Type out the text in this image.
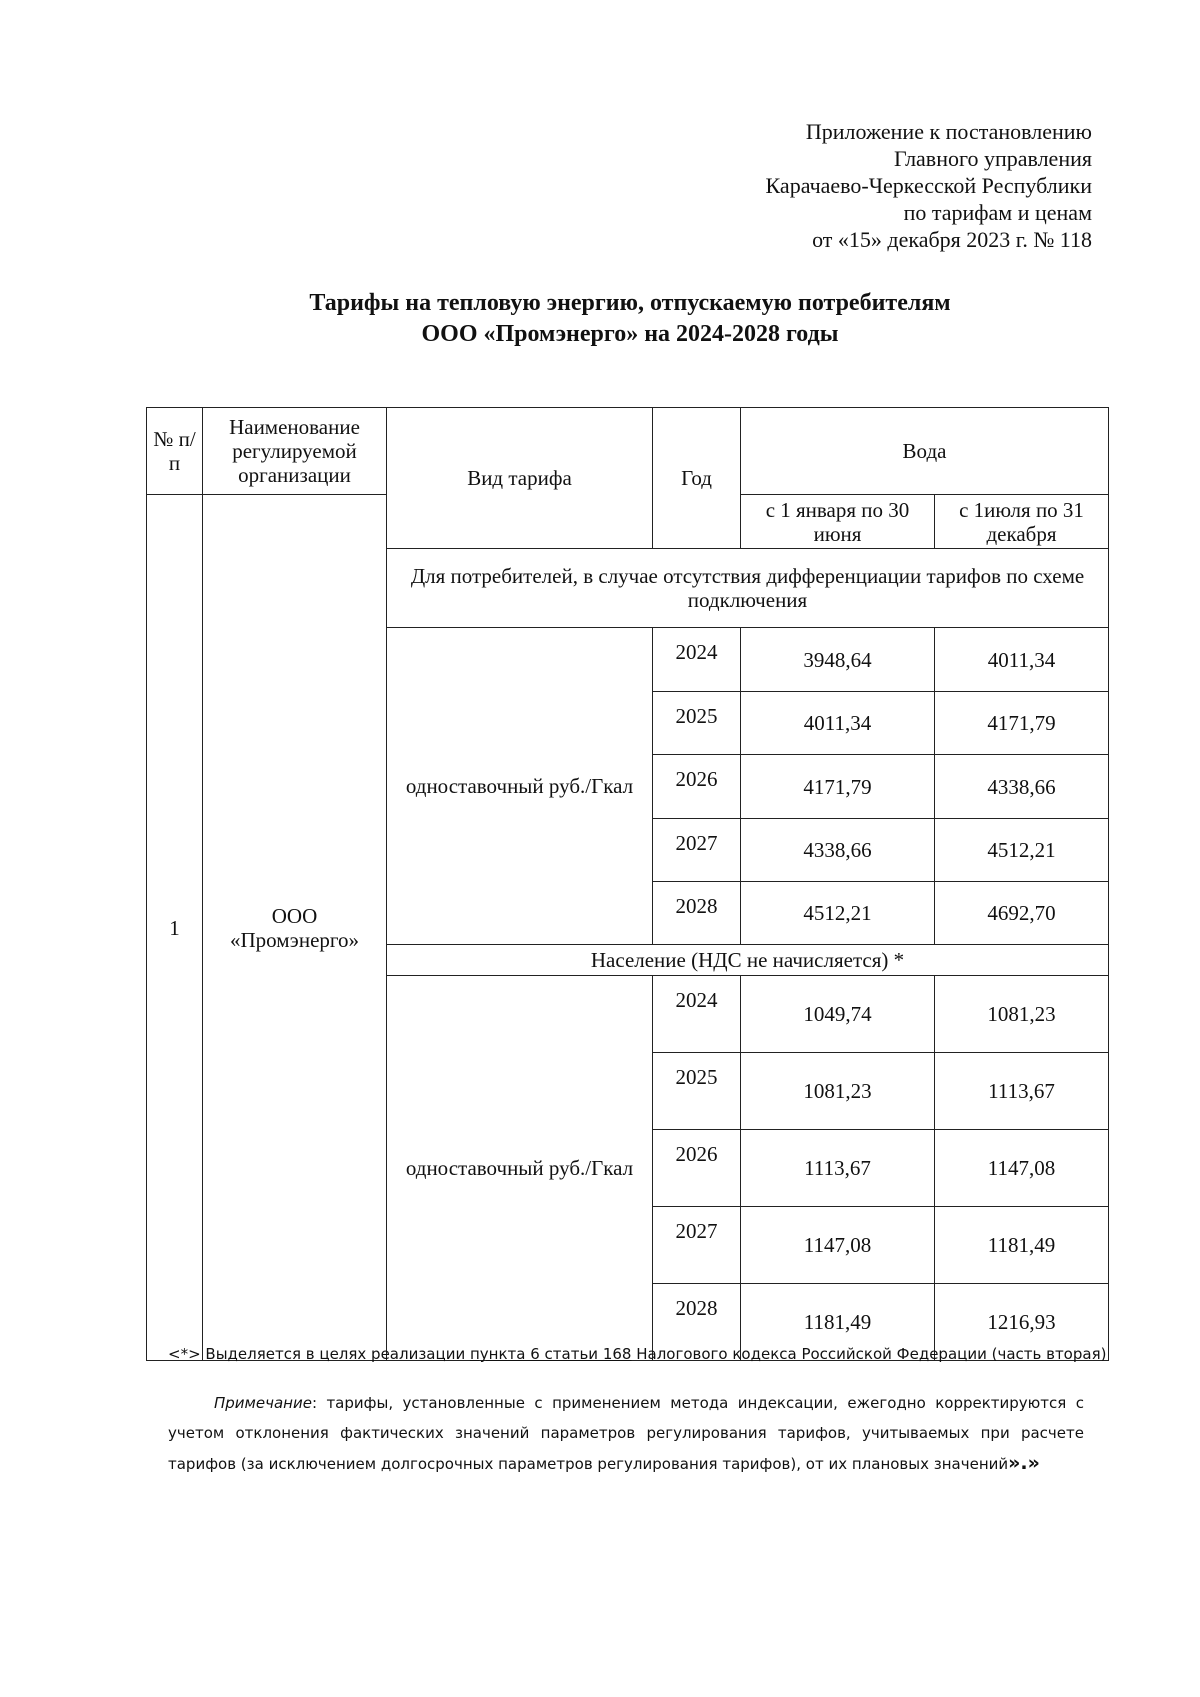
Приложение к постановлению
Главного управления
Карачаево-Черкесской Республики
по тарифам и ценам
от «15» декабря 2023 г. № 118
Тарифы на тепловую энергию, отпускаемую потребителям
ООО «Промэнерго» на 2024-2028 годы
№ п/п	Наименование регулируемой организации	Вид тарифа	Год	Вода	
1	ООО «Промэнерго»			с 1 января по 30 июня	с 1июля по 31 декабря
		Для потребителей, в случае отсутствия дифференциации тарифов по схеме подключения			
		одноставочный руб./Гкал	2024	3948,64	4011,34
			2025	4011,34	4171,79
			2026	4171,79	4338,66
			2027	4338,66	4512,21
			2028	4512,21	4692,70
		Население (НДС не начисляется) *			
		одноставочный руб./Гкал	2024	1049,74	1081,23
			2025	1081,23	1113,67
			2026	1113,67	1147,08
			2027	1147,08	1181,49
			2028	1181,49	1216,93
<*> Выделяется в целях реализации пункта 6 статьи 168 Налогового кодекса Российской Федерации (часть вторая)
Примечание: тарифы, установленные с применением метода индексации, ежегодно корректируются с учетом отклонения фактических значений параметров регулирования тарифов, учитываемых при расчете тарифов (за исключением долгосрочных параметров регулирования тарифов), от их плановых значений».»
